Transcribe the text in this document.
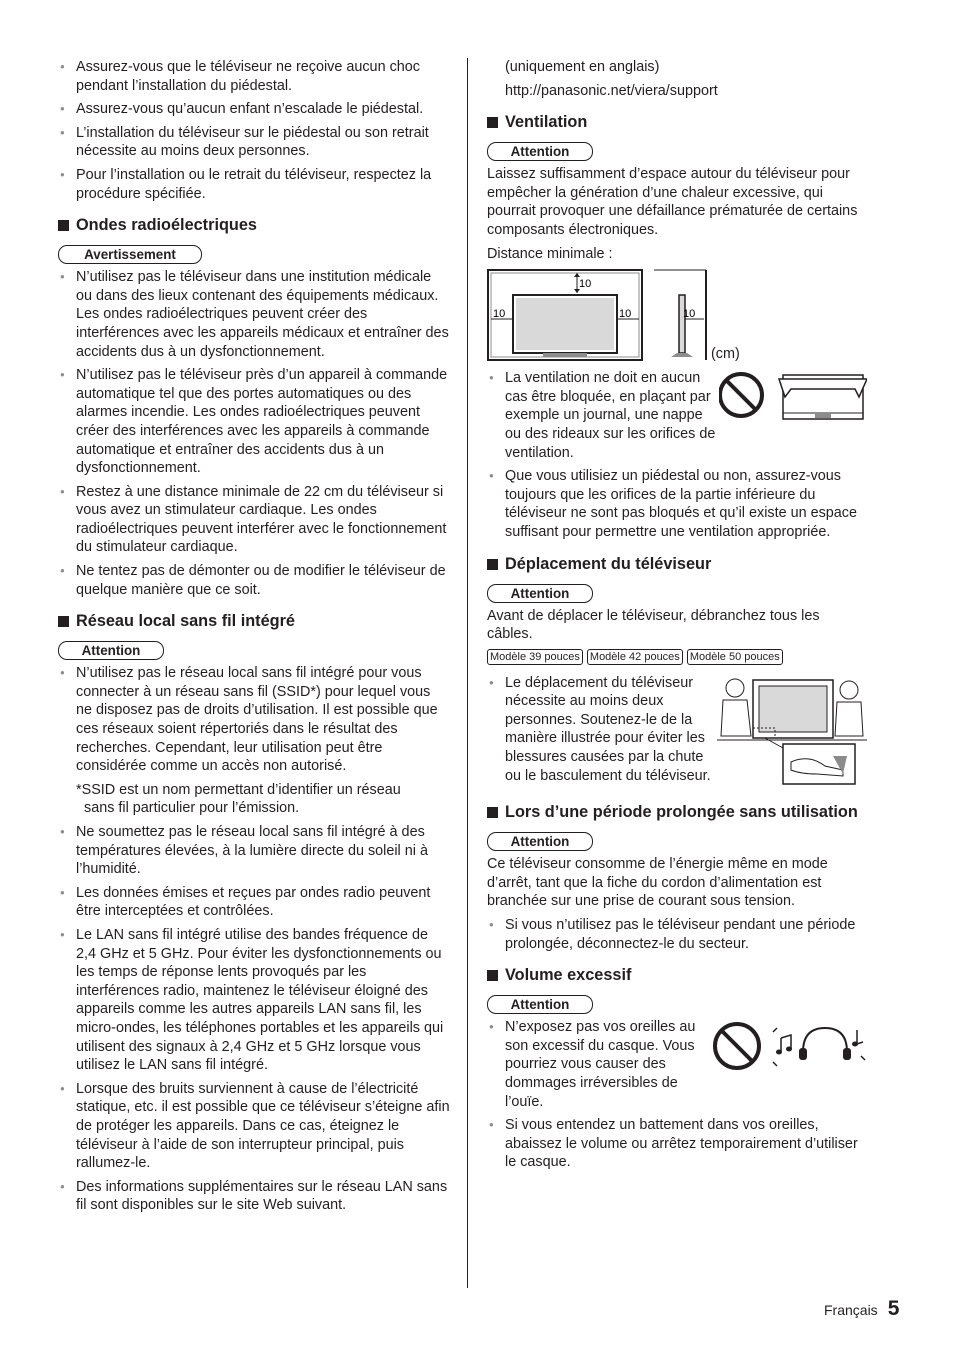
● Assurez-vous que le téléviseur ne reçoive aucun choc pendant l’installation du piédestal.
● Assurez-vous qu’aucun enfant n’escalade le piédestal.
● L’installation du téléviseur sur le piédestal ou son retrait nécessite au moins deux personnes.
● Pour l’installation ou le retrait du téléviseur, respectez la procédure spécifiée.
Ondes radioélectriques
Avertissement
● N’utilisez pas le téléviseur dans une institution médicale ou dans des lieux contenant des équipements médicaux. Les ondes radioélectriques peuvent créer des interférences avec les appareils médicaux et entraîner des accidents dus à un dysfonctionnement.
● N’utilisez pas le téléviseur près d’un appareil à commande automatique tel que des portes automatiques ou des alarmes incendie. Les ondes radioélectriques peuvent créer des interférences avec les appareils à commande automatique et entraîner des accidents dus à un dysfonctionnement.
● Restez à une distance minimale de 22 cm du téléviseur si vous avez un stimulateur cardiaque. Les ondes radioélectriques peuvent interférer avec le fonctionnement du stimulateur cardiaque.
● Ne tentez pas de démonter ou de modifier le téléviseur de quelque manière que ce soit.
Réseau local sans fil intégré
Attention
● N’utilisez pas le réseau local sans fil intégré pour vous connecter à un réseau sans fil (SSID*) pour lequel vous ne disposez pas de droits d’utilisation. Il est possible que ces réseaux soient répertoriés dans le résultat des recherches. Cependant, leur utilisation peut être considérée comme un accès non autorisé.
*SSID est un nom permettant d’identifier un réseau
sans fil particulier pour l’émission.
● Ne soumettez pas le réseau local sans fil intégré à des températures élevées, à la lumière directe du soleil ni à l’humidité.
● Les données émises et reçues par ondes radio peuvent être interceptées et contrôlées.
● Le LAN sans fil intégré utilise des bandes fréquence de 2,4 GHz et 5 GHz. Pour éviter les dysfonctionnements ou les temps de réponse lents provoqués par les interférences radio, maintenez le téléviseur éloigné des appareils comme les autres appareils LAN sans fil, les micro-ondes, les téléphones portables et les appareils qui utilisent des signaux à 2,4 GHz et 5 GHz lorsque vous utilisez le LAN sans fil intégré.
● Lorsque des bruits surviennent à cause de l’électricité statique, etc. il est possible que ce téléviseur s’éteigne afin de protéger les appareils. Dans ce cas, éteignez le téléviseur à l’aide de son interrupteur principal, puis rallumez-le.
● Des informations supplémentaires sur le réseau LAN sans fil sont disponibles sur le site Web suivant.
(uniquement en anglais)
http://panasonic.net/viera/support
Ventilation
Attention

Laissez suffisamment d’espace autour du téléviseur pour empêcher la génération d’une chaleur excessive, qui pourrait provoquer une défaillance prématurée de certains composants électroniques.

Distance minimale :

10
10	10	10
(cm)
● La ventilation ne doit en aucun cas être bloquée, en plaçant par exemple un journal, une nappe ou des rideaux sur les orifices de ventilation.
● Que vous utilisiez un piédestal ou non, assurez-vous toujours que les orifices de la partie inférieure du téléviseur ne sont pas bloqués et qu’il existe un espace suffisant pour permettre une ventilation appropriée.
Déplacement du téléviseur
Attention

Avant de déplacer le téléviseur, débranchez tous les câbles.

Modèle 39 pouces Modèle 42 pouces Modèle 50 pouces
● Le déplacement du téléviseur nécessite au moins deux personnes. Soutenez-le de la manière illustrée pour éviter les blessures causées par la chute ou le basculement du téléviseur.
Lors d’une période prolongée sans utilisation
Attention

Ce téléviseur consomme de l’énergie même en mode d’arrêt, tant que la fiche du cordon d’alimentation est branchée sur une prise de courant sous tension.

● Si vous n’utilisez pas le téléviseur pendant une période prolongée, déconnectez-le du secteur.
Volume excessif
Attention
● N’exposez pas vos oreilles au son excessif du casque. Vous pourriez vous causer des dommages irréversibles de l’ouïe.
● Si vous entendez un battement dans vos oreilles, abaissez le volume ou arrêtez temporairement d’utiliser le casque.
Français 5
